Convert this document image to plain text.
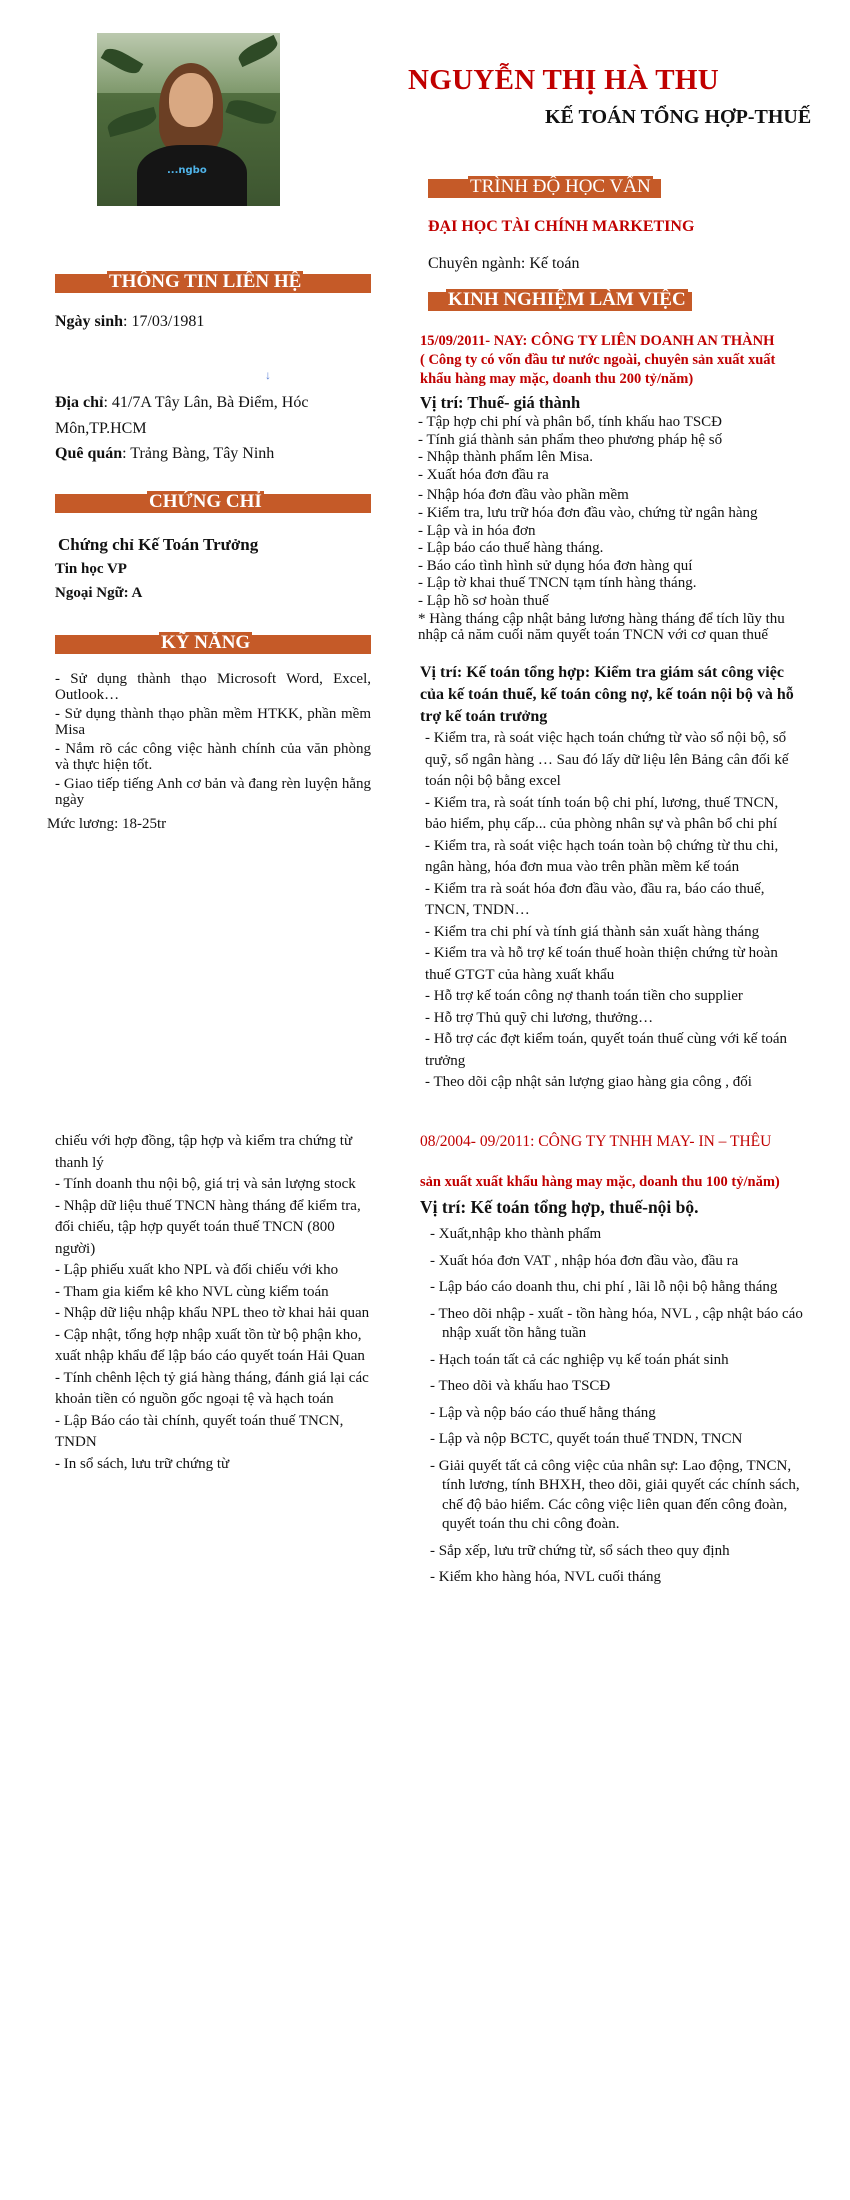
...ngbo
NGUYỄN THỊ HÀ THU
KẾ TOÁN TỔNG HỢP-THUẾ
TRÌNH ĐỘ HỌC VẤN
ĐẠI HỌC TÀI CHÍNH MARKETING
Chuyên ngành: Kế toán
KINH NGHIỆM LÀM VIỆC
THÔNG TIN LIÊN HỆ
Ngày sinh: 17/03/1981
↓
Địa chỉ: 41/7A Tây Lân, Bà Điểm, Hóc
Môn,TP.HCM
Quê quán: Trảng Bàng, Tây Ninh
CHỨNG CHỈ
Chứng chỉ Kế Toán Trưởng
Tin học VP
Ngoại Ngữ: A
KỸ NĂNG
- Sử dụng thành thạo Microsoft Word, Excel, Outlook…
- Sử dụng thành thạo phần mềm HTKK, phần mềm Misa
- Nắm rõ các công việc hành chính của văn phòng và thực hiện tốt.
- Giao tiếp tiếng Anh cơ bản và đang rèn luyện hằng ngày
Mức lương: 18-25tr
15/09/2011- NAY: CÔNG TY LIÊN DOANH AN THÀNH
( Công ty có vốn đầu tư nước ngoài, chuyên sản xuất xuất khẩu hàng may mặc, doanh thu 200 tỷ/năm)
Vị trí: Thuế- giá thành
- Tập hợp chi phí và phân bổ, tính khấu hao TSCĐ
- Tính giá thành sản phẩm theo phương pháp hệ số
- Nhập thành phẩm lên Misa.
- Xuất hóa đơn đầu ra
- Nhập hóa đơn đầu vào phần mềm
- Kiểm tra, lưu trữ hóa đơn đầu vào, chứng từ ngân hàng
- Lập và in hóa đơn
- Lập báo cáo thuế hàng tháng.
- Báo cáo tình hình sử dụng hóa đơn hàng quí
- Lập tờ khai thuế TNCN tạm tính hàng tháng.
- Lập hồ sơ hoàn thuế
* Hàng tháng cập nhật bảng lương hàng tháng để tích lũy thu nhập cả năm cuối năm quyết toán TNCN với cơ quan thuế
Vị trí: Kế toán tổng hợp: Kiểm tra giám sát công việc của kế toán thuế, kế toán công nợ, kế toán nội bộ và hỗ trợ kế toán trưởng
- Kiểm tra, rà soát việc hạch toán chứng từ vào sổ nội bộ, sổ quỹ, sổ ngân hàng … Sau đó lấy dữ liệu lên Bảng cân đối kế toán nội bộ bằng excel
- Kiểm tra, rà soát tính toán bộ chi phí, lương, thuế TNCN, bảo hiểm, phụ cấp... của phòng nhân sự và phân bổ chi phí
- Kiểm tra, rà soát việc hạch toán toàn bộ chứng từ thu chi, ngân hàng, hóa đơn mua vào trên phần mềm kế toán
- Kiểm tra rà soát hóa đơn đầu vào, đầu ra, báo cáo thuế, TNCN, TNDN…
- Kiểm tra chi phí và tính giá thành sản xuất hàng tháng
- Kiểm tra và hỗ trợ kế toán thuế hoàn thiện chứng từ hoàn thuế GTGT của hàng xuất khẩu
- Hỗ trợ kế toán công nợ thanh toán tiền cho supplier
- Hỗ trợ Thủ quỹ chi lương, thưởng…
- Hỗ trợ các đợt kiểm toán, quyết toán thuế cùng với kế toán trưởng
- Theo dõi cập nhật sản lượng giao hàng gia công , đối
chiếu với hợp đồng, tập hợp và kiểm tra chứng từ thanh lý
- Tính doanh thu nội bộ, giá trị và sản lượng stock
- Nhập dữ liệu thuế TNCN hàng tháng để kiểm tra, đối chiếu, tập hợp quyết toán thuế TNCN (800 người)
- Lập phiếu xuất kho NPL và đối chiếu với kho
- Tham gia kiểm kê kho NVL cùng kiểm toán
- Nhập dữ liệu nhập khẩu NPL theo tờ khai hải quan
- Cập nhật, tổng hợp nhập xuất tồn từ bộ phận kho, xuất nhập khẩu để lập báo cáo quyết toán Hải Quan
- Tính chênh lệch tỷ giá hàng tháng, đánh giá lại các khoản tiền có nguồn gốc ngoại tệ và hạch toán
- Lập Báo cáo tài chính, quyết toán thuế TNCN, TNDN
- In sổ sách, lưu trữ chứng từ
08/2004- 09/2011: CÔNG TY TNHH MAY- IN – THÊU
sản xuất xuất khẩu hàng may mặc, doanh thu 100 tỷ/năm)
Vị trí: Kế toán tổng hợp, thuế-nội bộ.
- Xuất,nhập kho thành phẩm
- Xuất hóa đơn VAT , nhập hóa đơn đầu vào, đầu ra
- Lập báo cáo doanh thu, chi phí , lãi lỗ nội bộ hằng tháng
- Theo dõi nhập - xuất - tồn hàng hóa, NVL , cập nhật báo cáo nhập xuất tồn hằng tuần
- Hạch toán tất cả các nghiệp vụ kế toán phát sinh
- Theo dõi và khấu hao TSCĐ
- Lập và nộp báo cáo thuế hằng tháng
- Lập và nộp BCTC, quyết toán thuế TNDN, TNCN
- Giải quyết tất cả công việc của nhân sự: Lao động, TNCN, tính lương, tính BHXH, theo dõi, giải quyết các chính sách, chế độ bảo hiểm. Các công việc liên quan đến công đoàn, quyết toán thu chi công đoàn.
- Sắp xếp, lưu trữ chứng từ, sổ sách theo quy định
- Kiểm kho hàng hóa, NVL cuối tháng
